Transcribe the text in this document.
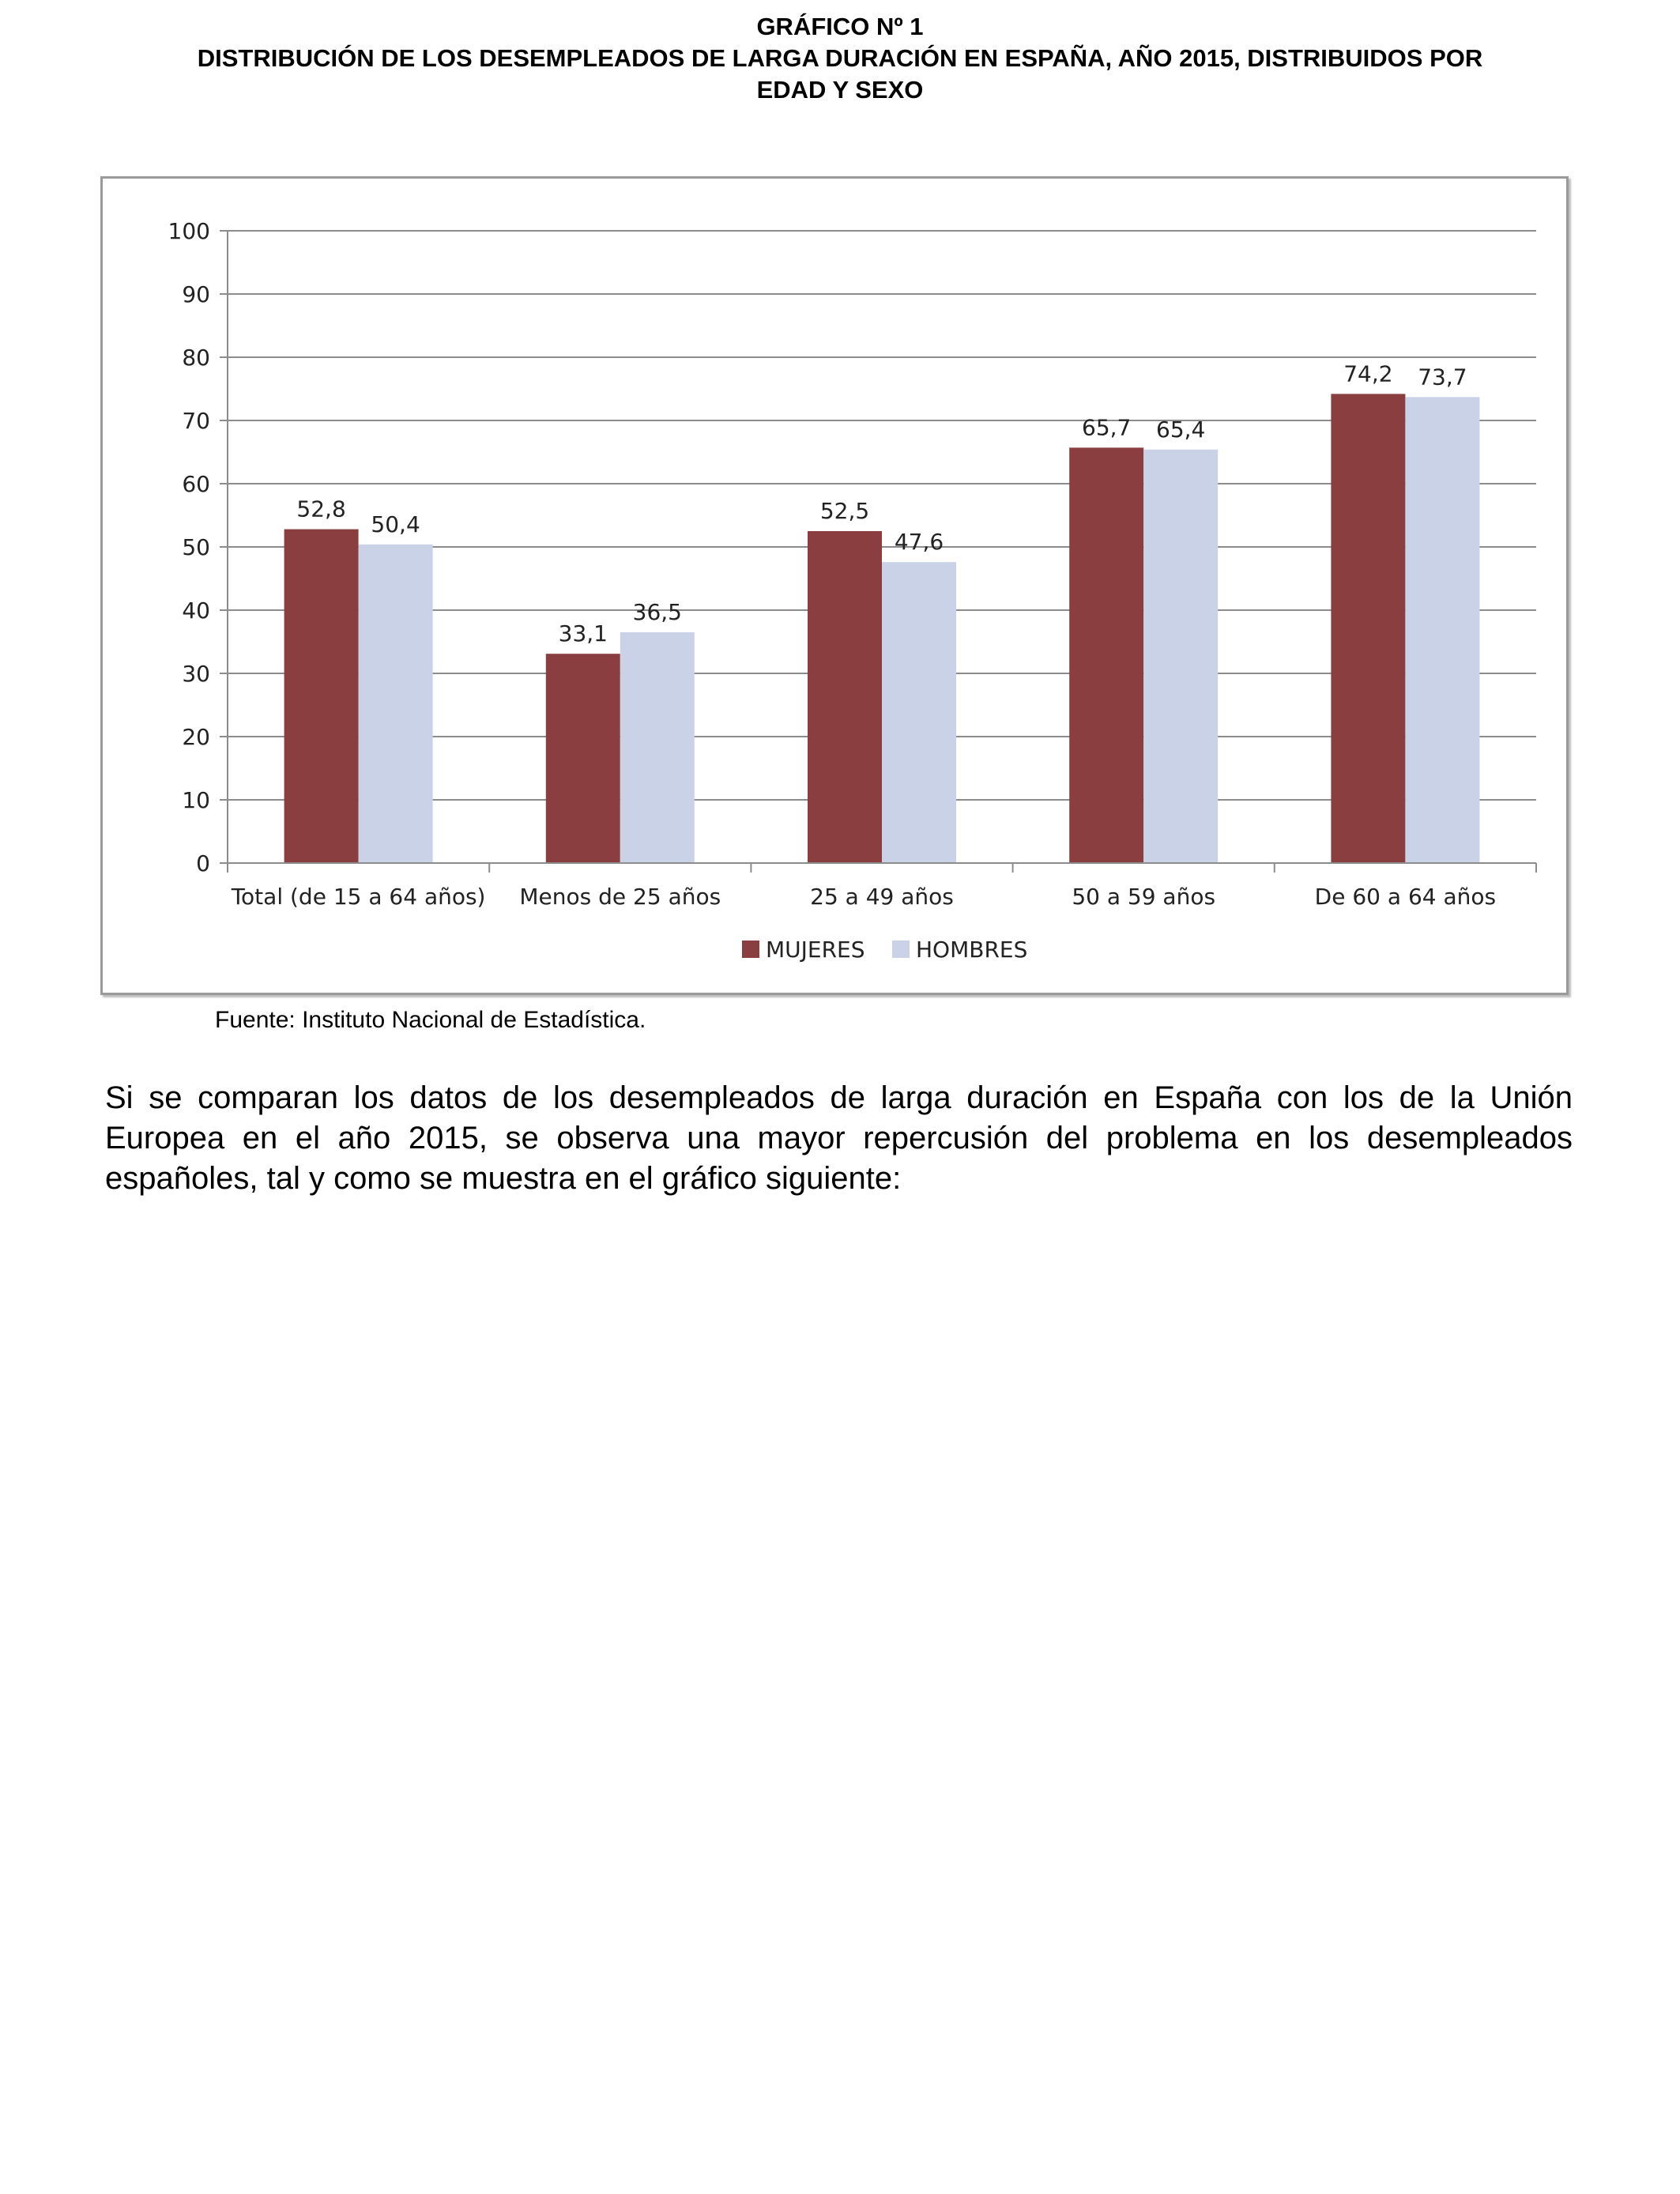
GRÁFICO Nº 1
DISTRIBUCIÓN DE LOS DESEMPLEADOS DE LARGA DURACIÓN EN ESPAÑA, AÑO 2015, DISTRIBUIDOS POR
EDAD Y SEXO
0
10
20
30
40
50
60
70
80
90
100
52,8
50,4
Total (de 15 a 64 años)
33,1
36,5
Menos de 25 años
52,5
47,6
25 a 49 años
65,7 65,4
50 a 59 años
74,2 73,7
De 60 a 64 años
MUJERES HOMBRES
Fuente: Instituto Nacional de Estadística.

Si se comparan los datos de los desempleados de larga duración en España con los de la Unión Europea en el año 2015, se observa una mayor repercusión del problema en los desempleados españoles, tal y como se muestra en el gráfico siguiente:
